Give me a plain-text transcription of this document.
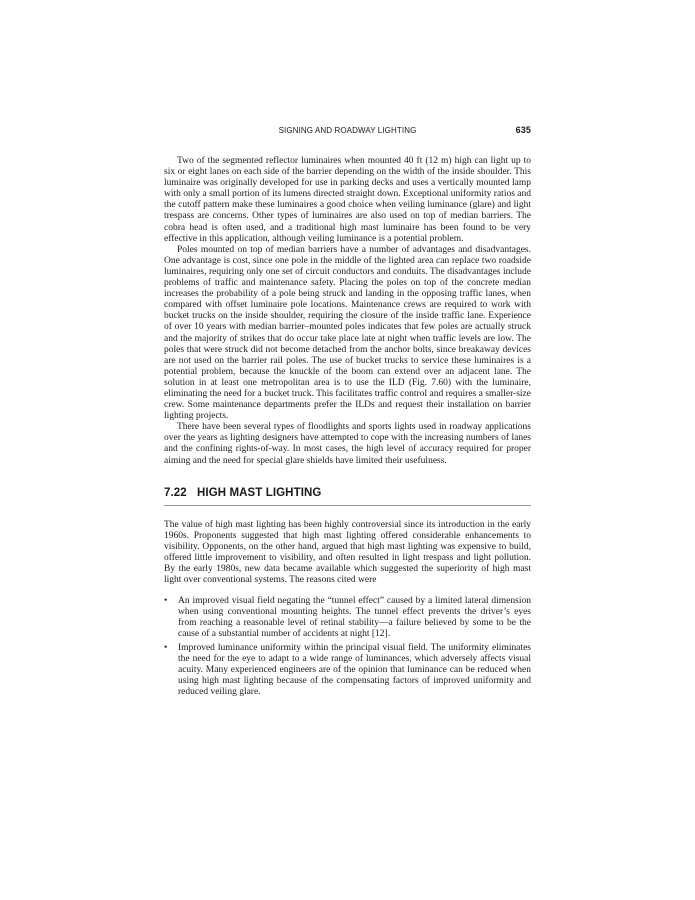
SIGNING AND ROADWAY LIGHTING	635

Two of the segmented reflector luminaires when mounted 40 ft (12 m) high can light up to six or eight lanes on each side of the barrier depending on the width of the inside shoulder. This luminaire was originally developed for use in parking decks and uses a vertically mounted lamp with only a small portion of its lumens directed straight down. Exceptional uniformity ratios and the cutoff pattern make these luminaires a good choice when veiling luminance (glare) and light trespass are concerns. Other types of luminaires are also used on top of median barriers. The cobra head is often used, and a traditional high mast luminaire has been found to be very effective in this application, although veiling luminance is a potential problem.

Poles mounted on top of median barriers have a number of advantages and disadvantages. One advantage is cost, since one pole in the middle of the lighted area can replace two roadside luminaires, requiring only one set of circuit conductors and conduits. The disadvantages include problems of traffic and maintenance safety. Placing the poles on top of the concrete median increases the probability of a pole being struck and landing in the opposing traffic lanes, when compared with offset luminaire pole locations. Maintenance crews are required to work with bucket trucks on the inside shoulder, requiring the closure of the inside traffic lane. Experience of over 10 years with median barrier–mounted poles indicates that few poles are actually struck and the majority of strikes that do occur take place late at night when traffic levels are low. The poles that were struck did not become detached from the anchor bolts, since breakaway devices are not used on the barrier rail poles. The use of bucket trucks to service these luminaires is a potential problem, because the knuckle of the boom can extend over an adjacent lane. The solution in at least one metropolitan area is to use the ILD (Fig. 7.60) with the luminaire, eliminating the need for a bucket truck. This facilitates traffic control and requires a smaller-size crew. Some maintenance departments prefer the ILDs and request their installation on barrier lighting projects.

There have been several types of floodlights and sports lights used in roadway applications over the years as lighting designers have attempted to cope with the increasing numbers of lanes and the confining rights-of-way. In most cases, the high level of accuracy required for proper aiming and the need for special glare shields have limited their usefulness.

7.22 HIGH MAST LIGHTING

The value of high mast lighting has been highly controversial since its introduction in the early 1960s. Proponents suggested that high mast lighting offered considerable enhancements to visibility. Opponents, on the other hand, argued that high mast lighting was expensive to build, offered little improvement to visibility, and often resulted in light trespass and light pollution. By the early 1980s, new data became available which suggested the superiority of high mast light over conventional systems. The reasons cited were

• An improved visual field negating the “tunnel effect” caused by a limited lateral dimension when using conventional mounting heights. The tunnel effect prevents the driver’s eyes from reaching a reasonable level of retinal stability—a failure believed by some to be the cause of a substantial number of accidents at night [12].
• Improved luminance uniformity within the principal visual field. The uniformity eliminates the need for the eye to adapt to a wide range of luminances, which adversely affects visual acuity. Many experienced engineers are of the opinion that luminance can be reduced when using high mast lighting because of the compensating factors of improved uniformity and reduced veiling glare.
